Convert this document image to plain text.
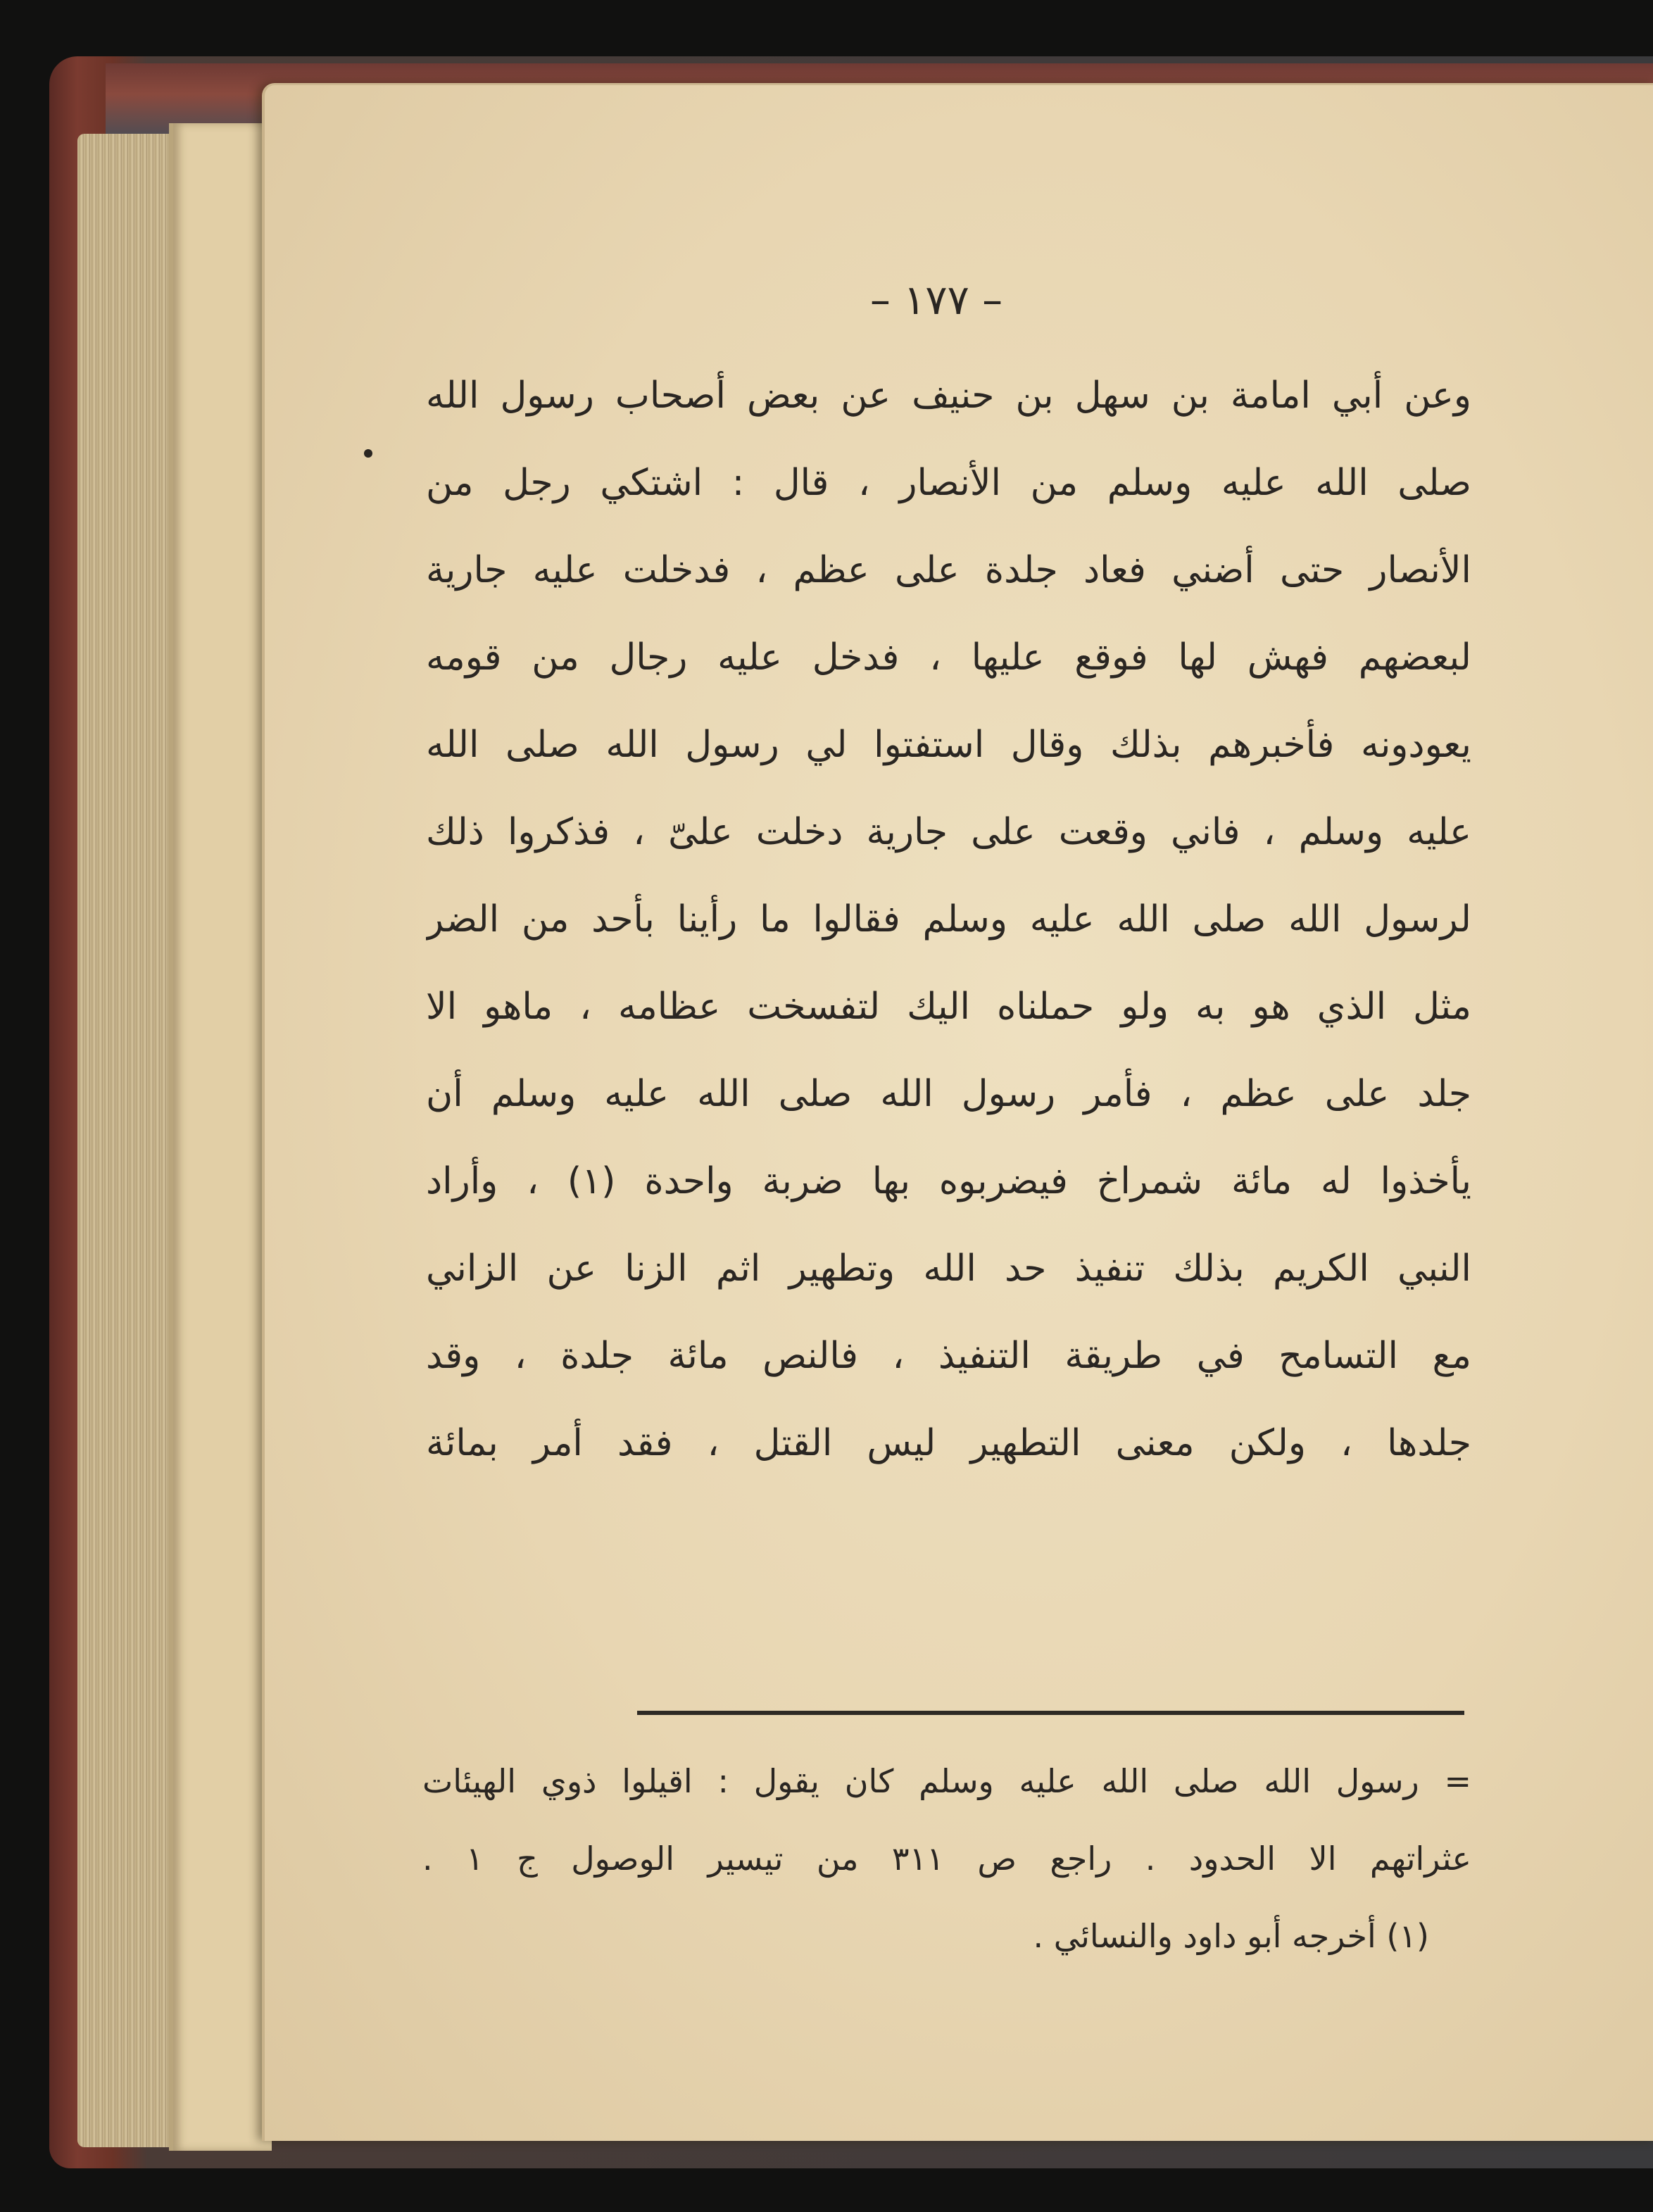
– ١٧٧ –
وعن أبي امامة بن سهل بن حنيف عن بعض أصحاب رسول الله
صلى الله عليه وسلم من الأنصار ، قال : اشتكي رجل من
الأنصار حتى أضني فعاد جلدة على عظم ، فدخلت عليه جارية
لبعضهم فهش لها فوقع عليها ، فدخل عليه رجال من قومه
يعودونه فأخبرهم بذلك وقال استفتوا لي رسول الله صلى الله
عليه وسلم ، فاني وقعت على جارية دخلت علىّ ، فذكروا ذلك
لرسول الله صلى الله عليه وسلم فقالوا ما رأينا بأحد من الضر
مثل الذي هو به ولو حملناه اليك لتفسخت عظامه ، ماهو الا
جلد على عظم ، فأمر رسول الله صلى الله عليه وسلم أن
يأخذوا له مائة شمراخ فيضربوه بها ضربة واحدة (١) ، وأراد
النبي الكريم بذلك تنفيذ حد الله وتطهير اثم الزنا عن الزاني
مع التسامح في طريقة التنفيذ ، فالنص مائة جلدة ، وقد
جلدها ، ولكن معنى التطهير ليس القتل ، فقد أمر بمائة
= رسول الله صلى الله عليه وسلم كان يقول : اقيلوا ذوي الهيئات
عثراتهم الا الحدود . راجع ص ٣١١ من تيسير الوصول ج ١ .
(١) أخرجه أبو داود والنسائي .
